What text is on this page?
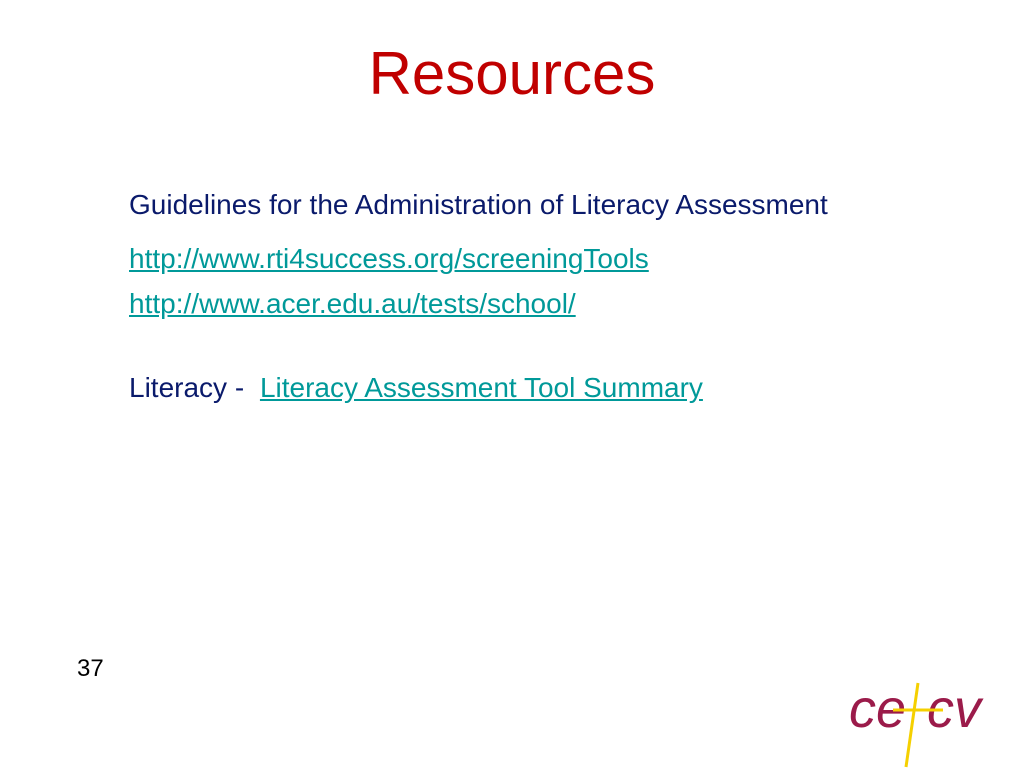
Resources

Guidelines for the Administration of Literacy Assessment

http://www.rti4success.org/screeningTools

http://www.acer.edu.au/tests/school/

Literacy - Literacy Assessment Tool Summary

37
ce cv
